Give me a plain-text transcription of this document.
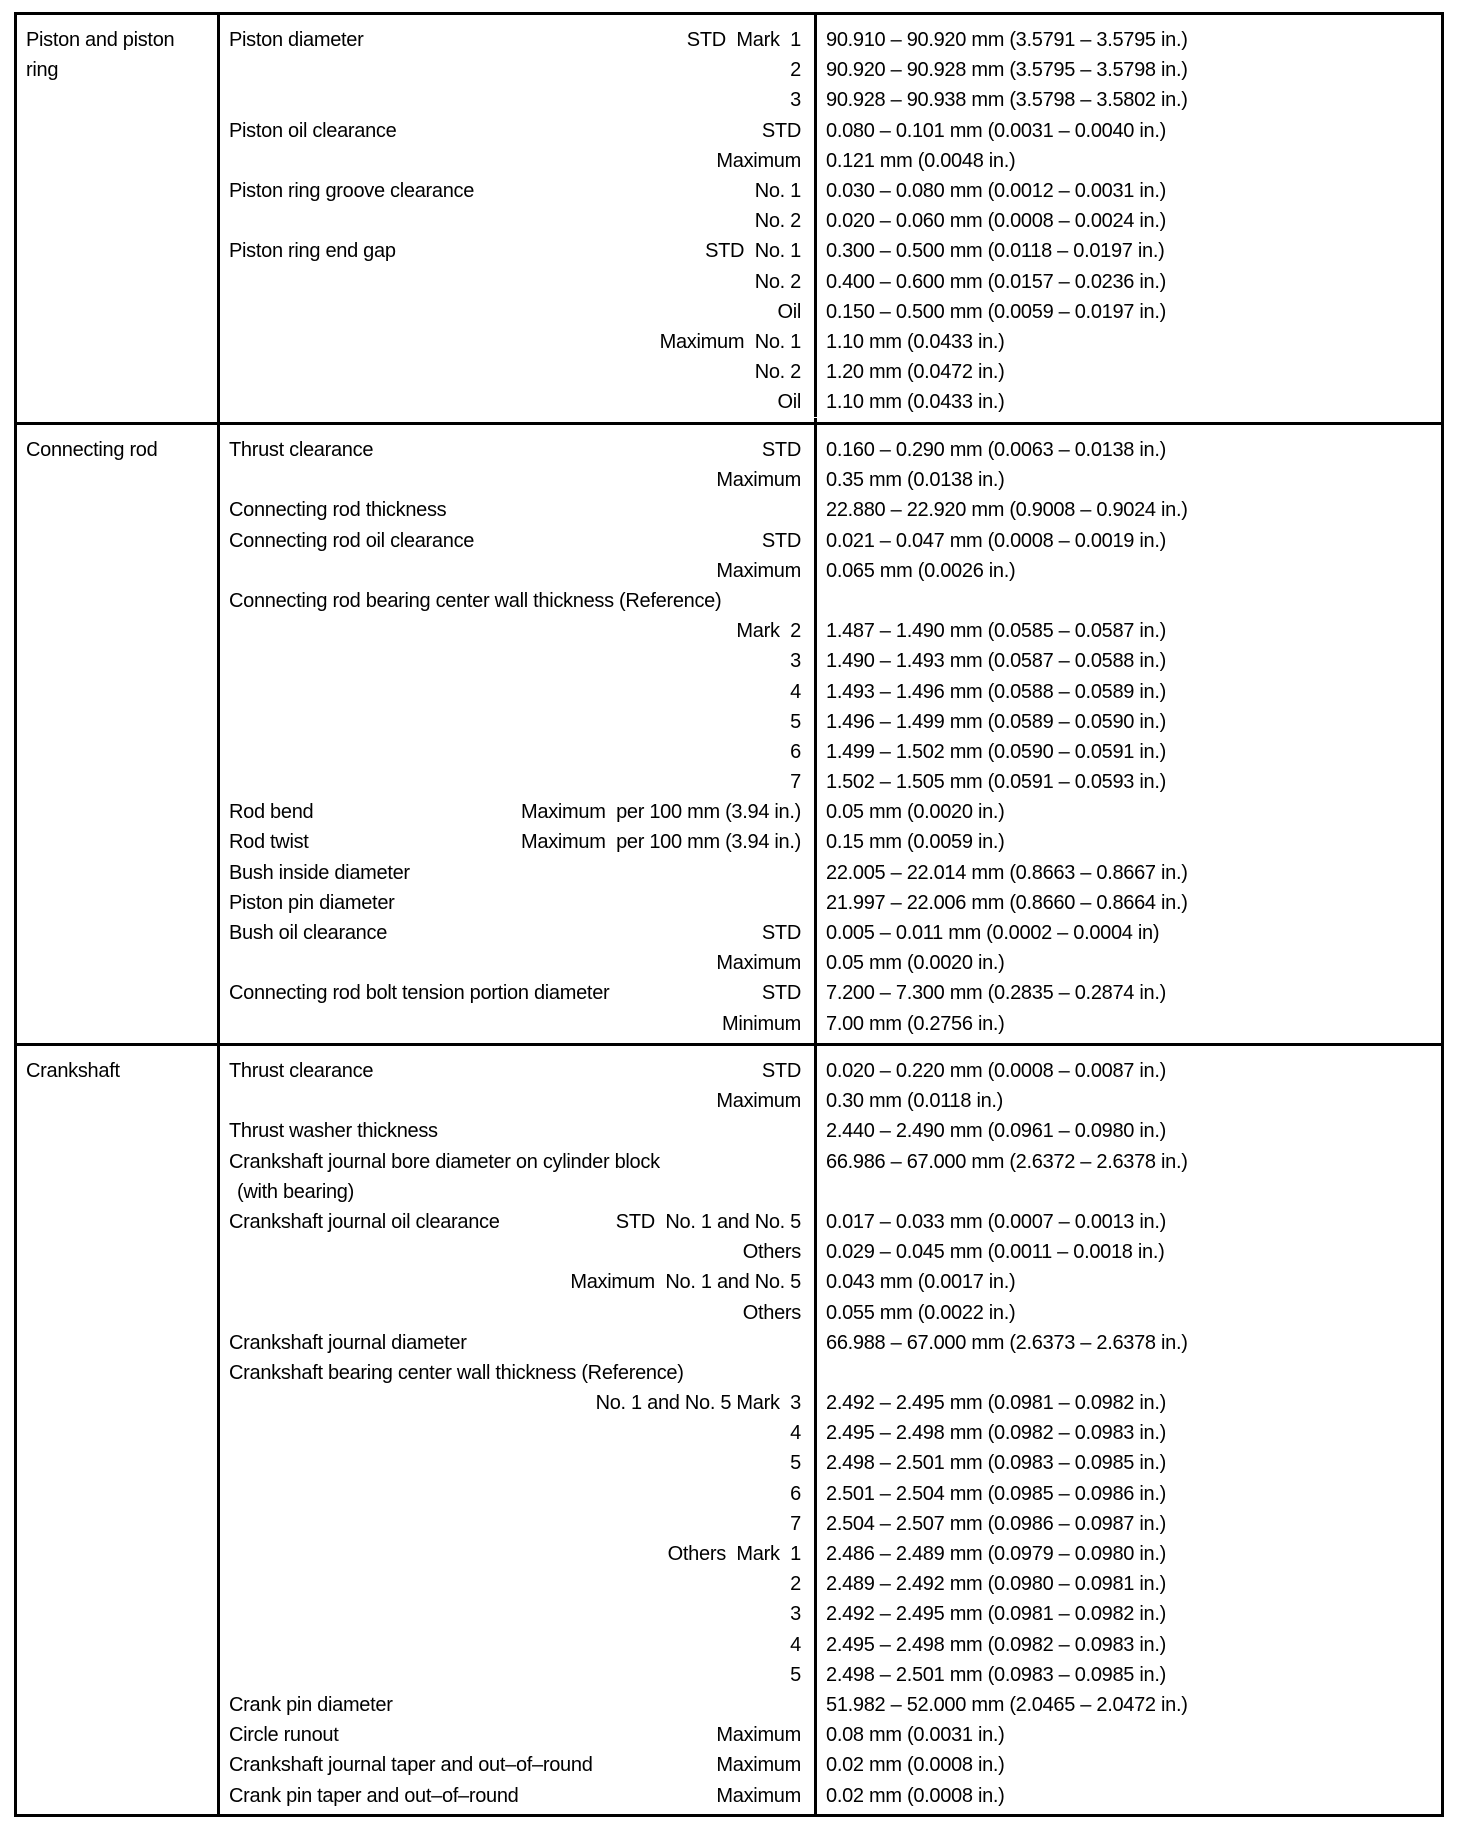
Piston and piston ring
Piston diameter	STD  Mark  1	90.910 – 90.920 mm (3.5791 – 3.5795 in.)
2	90.920 – 90.928 mm (3.5795 – 3.5798 in.)
3	90.928 – 90.938 mm (3.5798 – 3.5802 in.)
Piston oil clearance	STD	0.080 – 0.101 mm (0.0031 – 0.0040 in.)
Maximum	0.121 mm (0.0048 in.)
Piston ring groove clearance	No. 1	0.030 – 0.080 mm (0.0012 – 0.0031 in.)
No. 2	0.020 – 0.060 mm (0.0008 – 0.0024 in.)
Piston ring end gap	STD  No. 1	0.300 – 0.500 mm (0.0118 – 0.0197 in.)
No. 2	0.400 – 0.600 mm (0.0157 – 0.0236 in.)
Oil	0.150 – 0.500 mm (0.0059 – 0.0197 in.)
Maximum  No. 1	1.10 mm (0.0433 in.)
No. 2	1.20 mm (0.0472 in.)
Oil	1.10 mm (0.0433 in.)
Connecting rod	Thrust clearance	STD	0.160 – 0.290 mm (0.0063 – 0.0138 in.)
Maximum	0.35 mm (0.0138 in.)
Connecting rod thickness	22.880 – 22.920 mm (0.9008 – 0.9024 in.)
Connecting rod oil clearance	STD	0.021 – 0.047 mm (0.0008 – 0.0019 in.)
Maximum	0.065 mm (0.0026 in.)
Connecting rod bearing center wall thickness (Reference)
Mark  2	1.487 – 1.490 mm (0.0585 – 0.0587 in.)
3	1.490 – 1.493 mm (0.0587 – 0.0588 in.)
4	1.493 – 1.496 mm (0.0588 – 0.0589 in.)
5	1.496 – 1.499 mm (0.0589 – 0.0590 in.)
6	1.499 – 1.502 mm (0.0590 – 0.0591 in.)
7	1.502 – 1.505 mm (0.0591 – 0.0593 in.)
Rod bend	Maximum  per 100 mm (3.94 in.)	0.05 mm (0.0020 in.)
Rod twist	Maximum  per 100 mm (3.94 in.)	0.15 mm (0.0059 in.)
Bush inside diameter	22.005 – 22.014 mm (0.8663 – 0.8667 in.)
Piston pin diameter	21.997 – 22.006 mm (0.8660 – 0.8664 in.)
Bush oil clearance	STD	0.005 – 0.011 mm (0.0002 – 0.0004 in)
Maximum	0.05 mm (0.0020 in.)
Connecting rod bolt tension portion diameter	STD	7.200 – 7.300 mm (0.2835 – 0.2874 in.)
Minimum	7.00 mm (0.2756 in.)
Crankshaft	Thrust clearance	STD	0.020 – 0.220 mm (0.0008 – 0.0087 in.)
Maximum	0.30 mm (0.0118 in.)
Thrust washer thickness	2.440 – 2.490 mm (0.0961 – 0.0980 in.)
Crankshaft journal bore diameter on cylinder block	66.986 – 67.000 mm (2.6372 – 2.6378 in.)
(with bearing)
Crankshaft journal oil clearance	STD  No. 1 and No. 5	0.017 – 0.033 mm (0.0007 – 0.0013 in.)
Others	0.029 – 0.045 mm (0.0011 – 0.0018 in.)
Maximum  No. 1 and No. 5	0.043 mm (0.0017 in.)
Others	0.055 mm (0.0022 in.)
Crankshaft journal diameter	66.988 – 67.000 mm (2.6373 – 2.6378 in.)
Crankshaft bearing center wall thickness (Reference)
No. 1 and No. 5 Mark  3	2.492 – 2.495 mm (0.0981 – 0.0982 in.)
4	2.495 – 2.498 mm (0.0982 – 0.0983 in.)
5	2.498 – 2.501 mm (0.0983 – 0.0985 in.)
6	2.501 – 2.504 mm (0.0985 – 0.0986 in.)
7	2.504 – 2.507 mm (0.0986 – 0.0987 in.)
Others  Mark  1	2.486 – 2.489 mm (0.0979 – 0.0980 in.)
2	2.489 – 2.492 mm (0.0980 – 0.0981 in.)
3	2.492 – 2.495 mm (0.0981 – 0.0982 in.)
4	2.495 – 2.498 mm (0.0982 – 0.0983 in.)
5	2.498 – 2.501 mm (0.0983 – 0.0985 in.)
Crank pin diameter	51.982 – 52.000 mm (2.0465 – 2.0472 in.)
Circle runout	Maximum	0.08 mm (0.0031 in.)
Crankshaft journal taper and out–of–round	Maximum	0.02 mm (0.0008 in.)
Crank pin taper and out–of–round	Maximum	0.02 mm (0.0008 in.)
